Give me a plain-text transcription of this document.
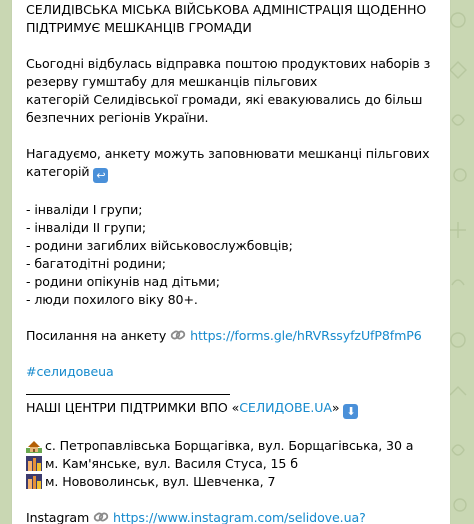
СЕЛИДІВСЬКА МІСЬКА ВІЙСЬКОВА АДМІНІСТРАЦІЯ ЩОДЕННО
ПІДТРИМУЄ МЕШКАНЦІВ ГРОМАДИ
Сьогодні відбулась відправка поштою продуктових наборів з
резерву гумштабу для мешканців пільгових
категорій Селидівської громади, які евакуювались до більш
безпечних регіонів України.
Нагадуємо, анкету можуть заповнювати мешканці пільгових
категорій ↩
- інваліди І групи;
- інваліди ІІ групи;
- родини загиблих військовослужбовців;
- багатодітні родини;
- родини опікунів над дітьми;
- люди похилого віку 80+.
Посилання на анкету https://forms.gle/hRVRssyfzUfP8fmP6
#селидовеua
НАШІ ЦЕНТРИ ПІДТРИМКИ ВПО «СЕЛИДОВЕ.UA» ⬇
с. Петропавлівська Борщагівка, вул. Борщагівська, 30 а
м. Кам'янське, вул. Василя Стуса, 15 б
м. Нововолинськ, вул. Шевченка, 7
Instagram https://www.instagram.com/selidove.ua?
